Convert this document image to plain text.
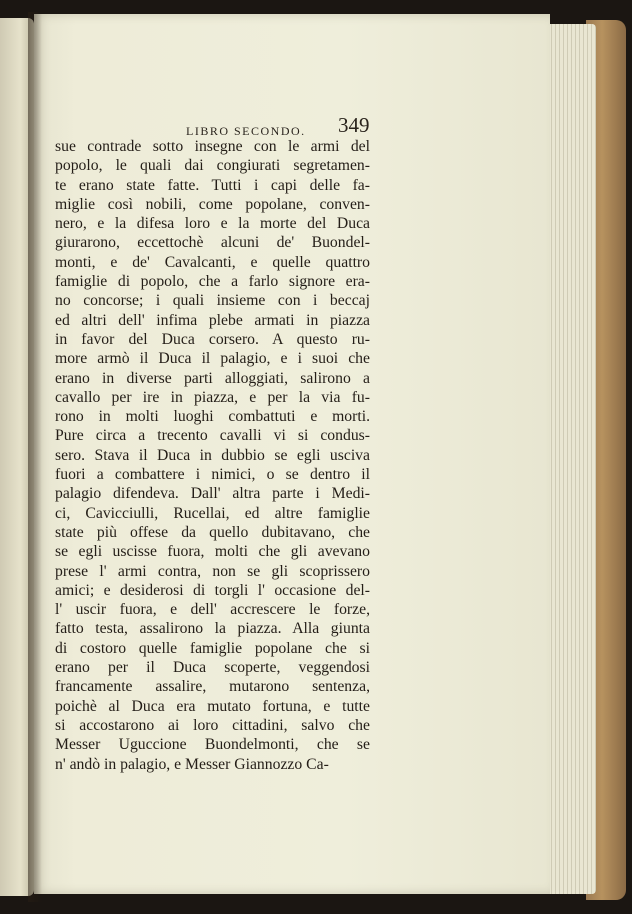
LIBRO SECONDO. 349
sue contrade sotto insegne con le armi del
popolo, le quali dai congiurati segretamen-
te erano state fatte. Tutti i capi delle fa-
miglie così nobili, come popolane, conven-
nero, e la difesa loro e la morte del Duca
giurarono, eccettochè alcuni de' Buondel-
monti, e de' Cavalcanti, e quelle quattro
famiglie di popolo, che a farlo signore era-
no concorse; i quali insieme con i beccaj
ed altri dell' infima plebe armati in piazza
in favor del Duca corsero. A questo ru-
more armò il Duca il palagio, e i suoi che
erano in diverse parti alloggiati, salirono a
cavallo per ire in piazza, e per la via fu-
rono in molti luoghi combattuti e morti.
Pure circa a trecento cavalli vi si condus-
sero. Stava il Duca in dubbio se egli usciva
fuori a combattere i nimici, o se dentro il
palagio difendeva. Dall' altra parte i Medi-
ci, Cavicciulli, Rucellai, ed altre famiglie
state più offese da quello dubitavano, che
se egli uscisse fuora, molti che gli avevano
prese l' armi contra, non se gli scoprissero
amici; e desiderosi di torgli l' occasione del-
l' uscir fuora, e dell' accrescere le forze,
fatto testa, assalirono la piazza. Alla giunta
di costoro quelle famiglie popolane che si
erano per il Duca scoperte, veggendosi
francamente assalire, mutarono sentenza,
poichè al Duca era mutato fortuna, e tutte
si accostarono ai loro cittadini, salvo che
Messer Uguccione Buondelmonti, che se
n' andò in palagio, e Messer Giannozzo Ca-
